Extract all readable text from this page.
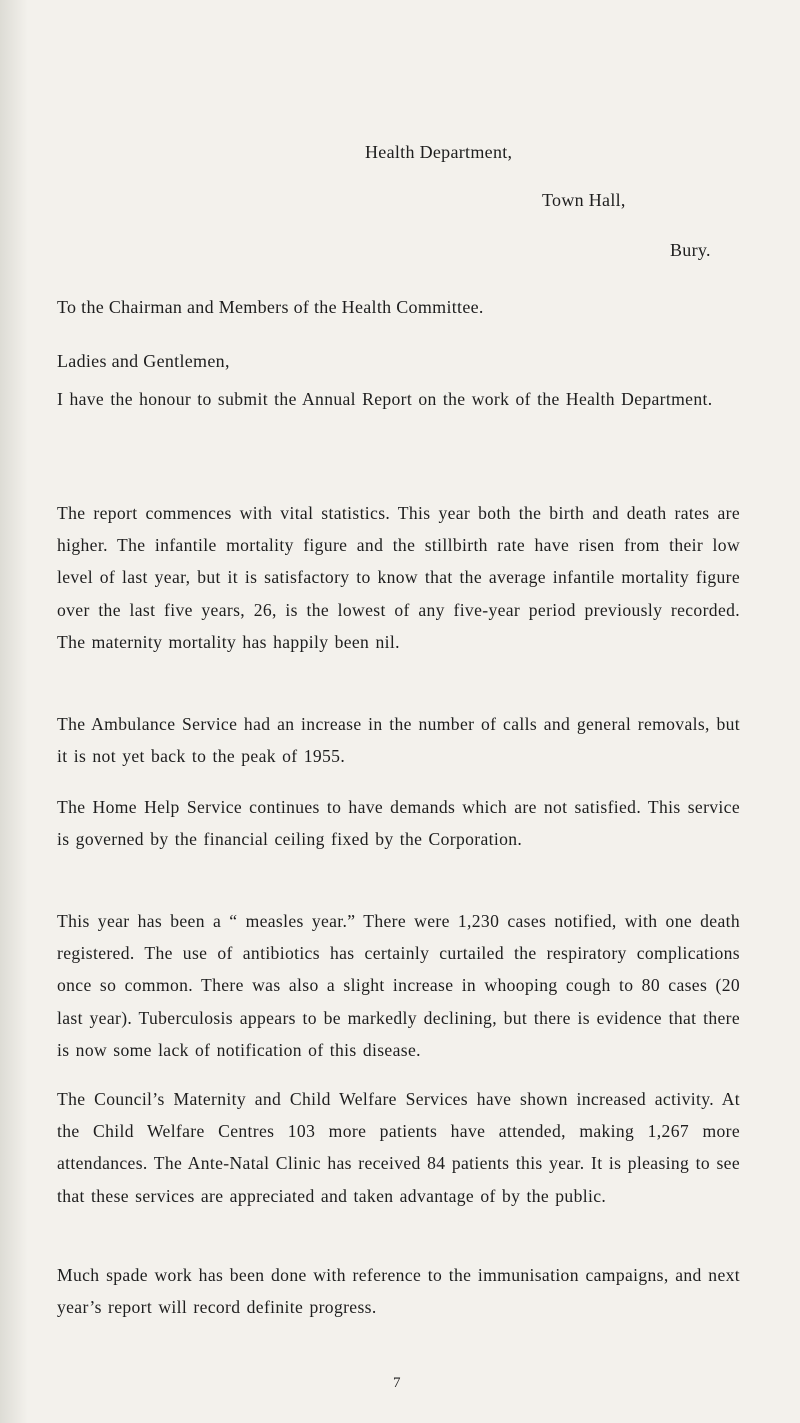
Health Department,
Town Hall,
Bury.
To the Chairman and Members of the Health Committee.
Ladies and Gentlemen,
I have the honour to submit the Annual Report on the work of the Health Department.
The report commences with vital statistics. This year both the birth and death rates are higher. The infantile mortality figure and the stillbirth rate have risen from their low level of last year, but it is satisfactory to know that the average infantile mortality figure over the last five years, 26, is the lowest of any five-year period previously recorded. The maternity mortality has happily been nil.
The Ambulance Service had an increase in the number of calls and general removals, but it is not yet back to the peak of 1955.
The Home Help Service continues to have demands which are not satisfied. This service is governed by the financial ceiling fixed by the Corporation.
This year has been a “ measles year.” There were 1,230 cases notified, with one death registered. The use of antibiotics has certainly curtailed the respiratory complications once so common. There was also a slight increase in whooping cough to 80 cases (20 last year). Tuberculosis appears to be markedly declining, but there is evidence that there is now some lack of notification of this disease.
The Council’s Maternity and Child Welfare Services have shown increased activity. At the Child Welfare Centres 103 more patients have attended, making 1,267 more attendances. The Ante-Natal Clinic has received 84 patients this year. It is pleasing to see that these services are appreciated and taken advantage of by the public.
Much spade work has been done with reference to the immunisation campaigns, and next year’s report will record definite progress.
7
